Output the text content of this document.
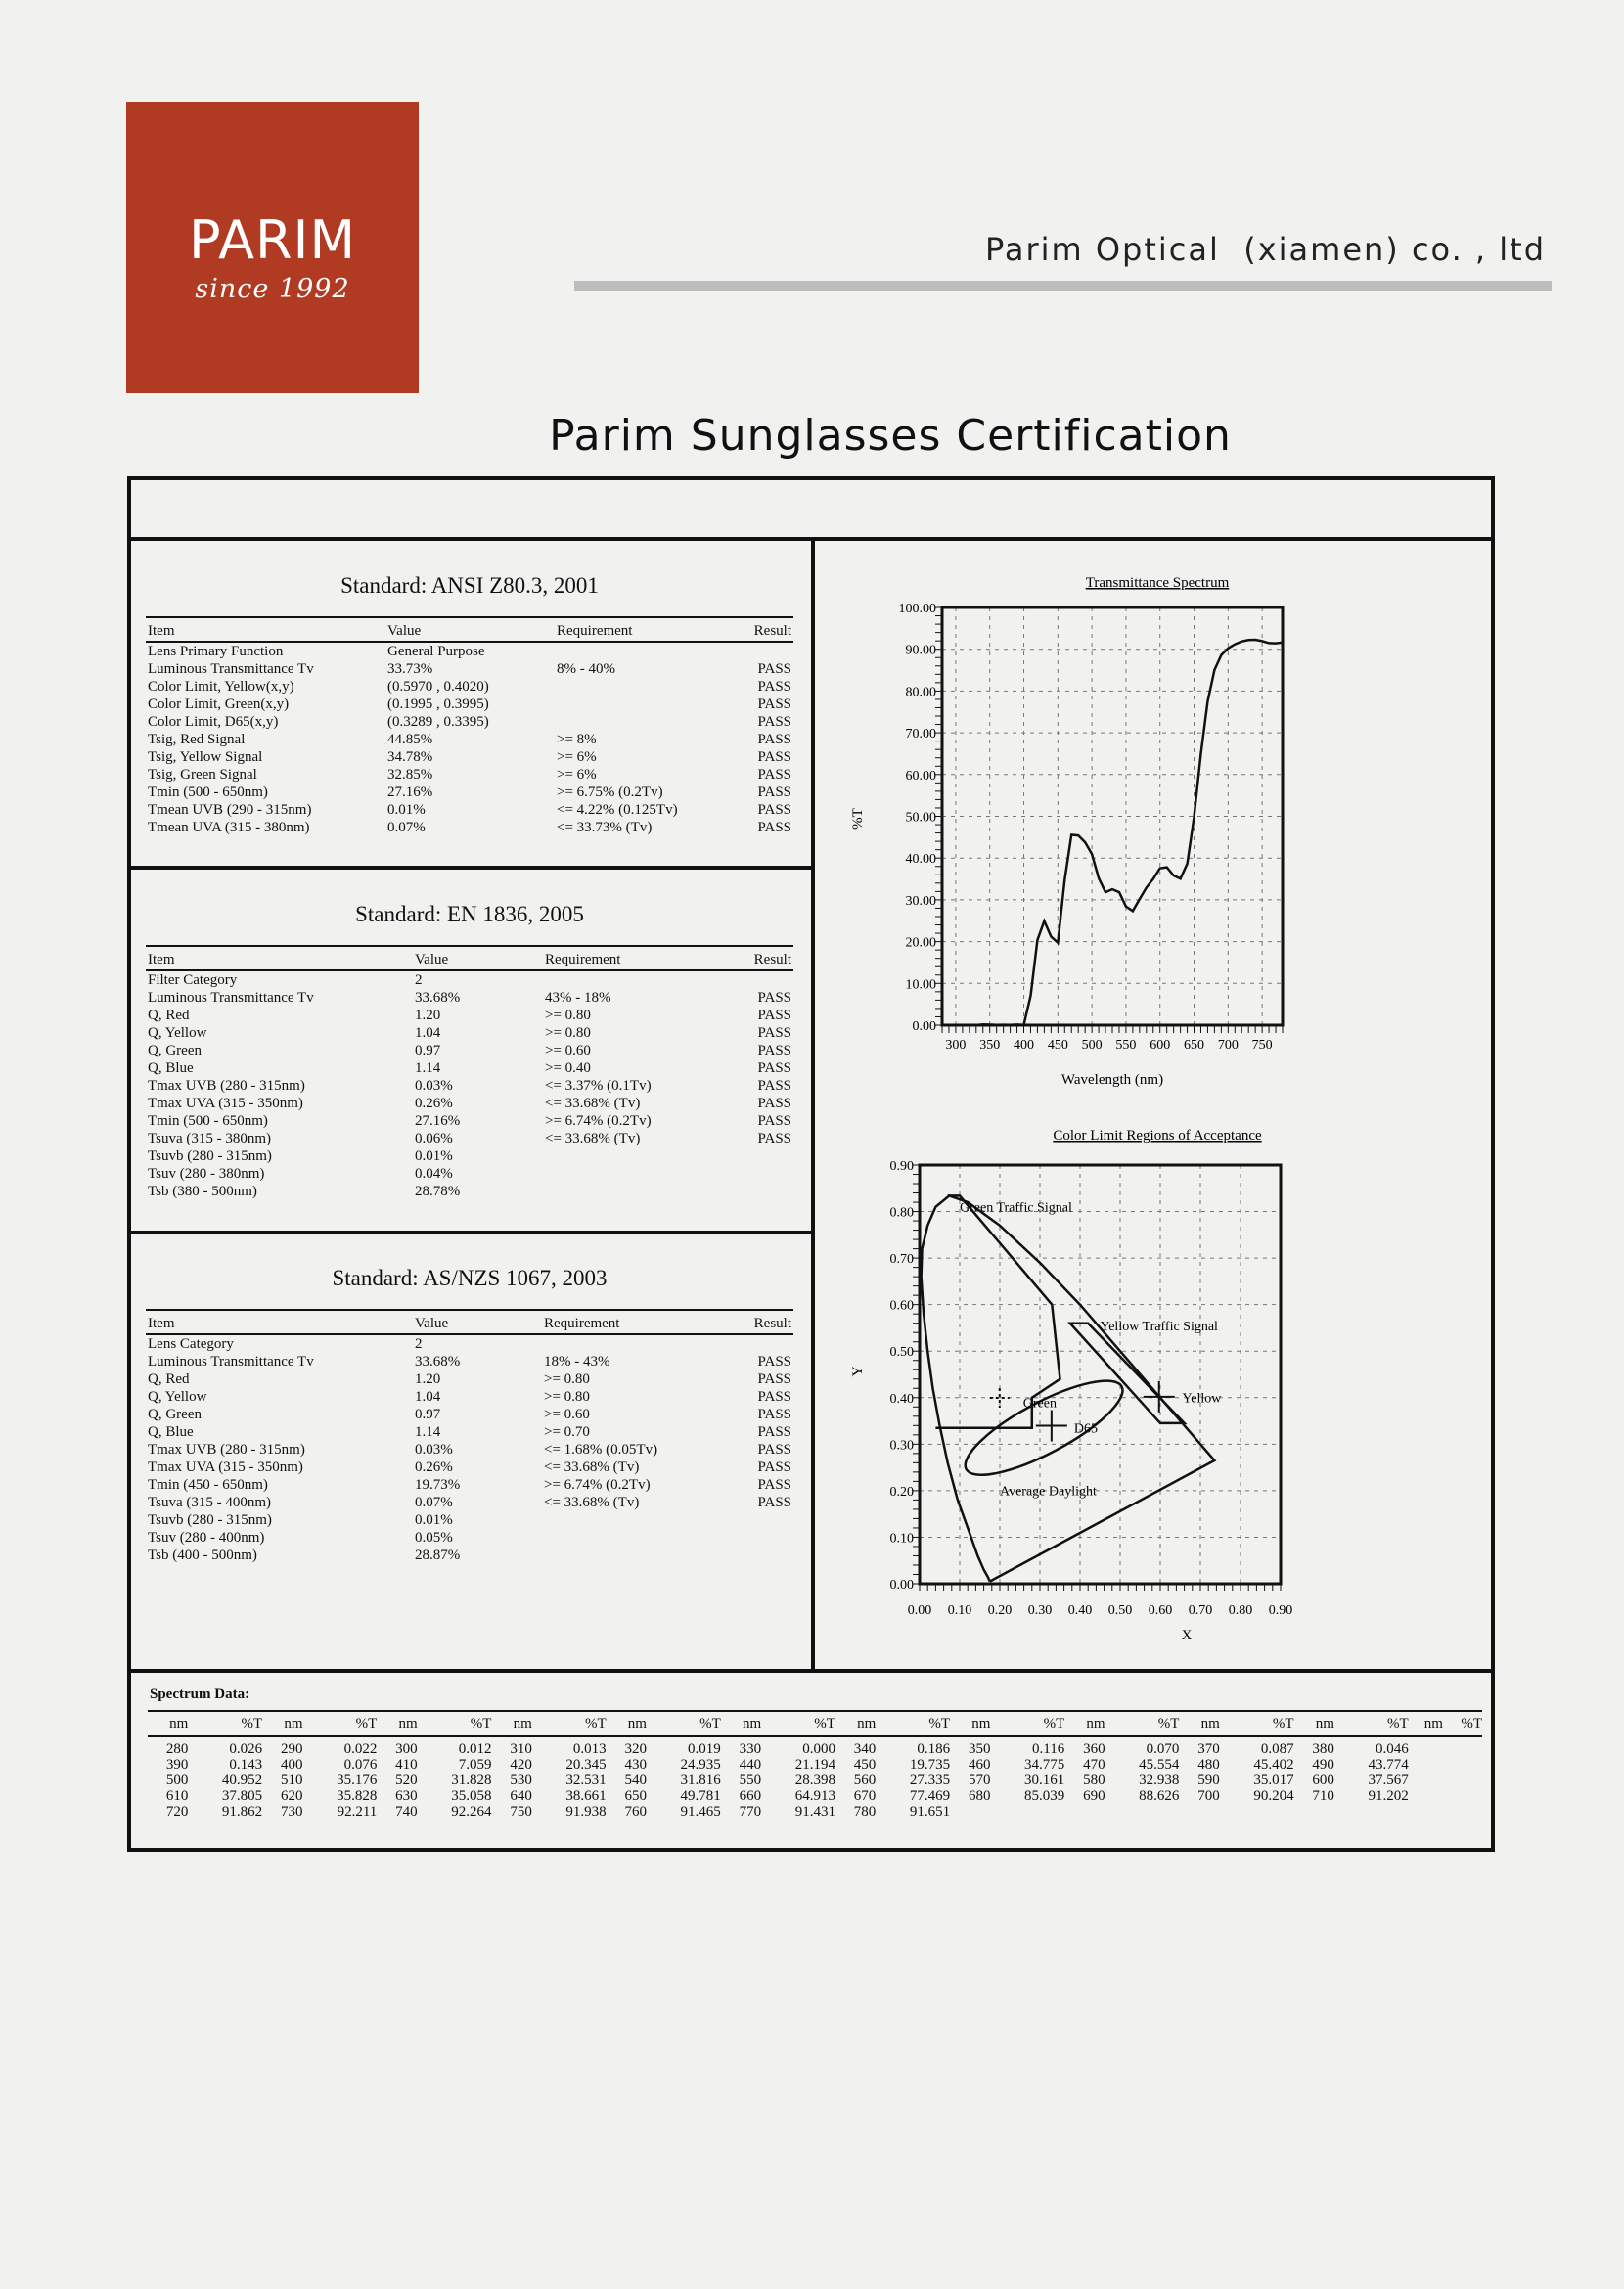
PARIM
since 1992
Parim Optical  (xiamen) co. , ltd
Parim Sunglasses Certification
Standard: ANSI Z80.3, 2001
Item	Value	Requirement	Result
Lens Primary Function	General Purpose		
Luminous Transmittance Tv	33.73%	8% - 40%	PASS
Color Limit, Yellow(x,y)	(0.5970 , 0.4020)		PASS
Color Limit, Green(x,y)	(0.1995 , 0.3995)		PASS
Color Limit, D65(x,y)	(0.3289 , 0.3395)		PASS
Tsig, Red Signal	44.85%	>= 8%	PASS
Tsig, Yellow Signal	34.78%	>= 6%	PASS
Tsig, Green Signal	32.85%	>= 6%	PASS
Tmin (500 - 650nm)	27.16%	>= 6.75% (0.2Tv)	PASS
Tmean UVB (290 - 315nm)	0.01%	<= 4.22% (0.125Tv)	PASS
Tmean UVA (315 - 380nm)	0.07%	<= 33.73% (Tv)	PASS
Standard: EN 1836, 2005
Item	Value	Requirement	Result
Filter Category	2		
Luminous Transmittance Tv	33.68%	43% - 18%	PASS
Q, Red	1.20	>= 0.80	PASS
Q, Yellow	1.04	>= 0.80	PASS
Q, Green	0.97	>= 0.60	PASS
Q, Blue	1.14	>= 0.40	PASS
Tmax UVB (280 - 315nm)	0.03%	<= 3.37% (0.1Tv)	PASS
Tmax UVA (315 - 350nm)	0.26%	<= 33.68% (Tv)	PASS
Tmin (500 - 650nm)	27.16%	>= 6.74% (0.2Tv)	PASS
Tsuva (315 - 380nm)	0.06%	<= 33.68% (Tv)	PASS
Tsuvb (280 - 315nm)	0.01%		
Tsuv (280 - 380nm)	0.04%		
Tsb (380 - 500nm)	28.78%		
Standard: AS/NZS 1067, 2003
Item	Value	Requirement	Result
Lens Category	2		
Luminous Transmittance Tv	33.68%	18% - 43%	PASS
Q, Red	1.20	>= 0.80	PASS
Q, Yellow	1.04	>= 0.80	PASS
Q, Green	0.97	>= 0.60	PASS
Q, Blue	1.14	>= 0.70	PASS
Tmax UVB (280 - 315nm)	0.03%	<= 1.68% (0.05Tv)	PASS
Tmax UVA (315 - 350nm)	0.26%	<= 33.68% (Tv)	PASS
Tmin (450 - 650nm)	19.73%	>= 6.74% (0.2Tv)	PASS
Tsuva (315 - 400nm)	0.07%	<= 33.68% (Tv)	PASS
Tsuvb (280 - 315nm)	0.01%		
Tsuv (280 - 400nm)	0.05%		
Tsb (400 - 500nm)	28.87%		
Transmittance Spectrum
300 350 400 450 500 550 600 650 700 750
0.00
10.00
20.00
30.00
40.00
50.00
60.00
70.00
80.00
90.00
100.00
Wavelength (nm)
%T
Color Limit Regions of Acceptance
0.00 0.10 0.20 0.30 0.40 0.50 0.60 0.70 0.80 0.90
0.00
0.10
0.20
0.30
0.40
0.50
0.60
0.70
0.80
0.90
Green Traffic Signal
Yellow Traffic Signal
Average Daylight
Green
D65
Yellow
X
Y
Spectrum Data:
nm	%T	nm	%T	nm	%T	nm	%T	nm	%T	nm	%T	nm	%T	nm	%T	nm	%T	nm	%T	nm	%T	nm	%T
280	0.026	290	0.022	300	0.012	310	0.013	320	0.019	330	0.000	340	0.186	350	0.116	360	0.070	370	0.087	380	0.046		
390	0.143	400	0.076	410	7.059	420	20.345	430	24.935	440	21.194	450	19.735	460	34.775	470	45.554	480	45.402	490	43.774		
500	40.952	510	35.176	520	31.828	530	32.531	540	31.816	550	28.398	560	27.335	570	30.161	580	32.938	590	35.017	600	37.567		
610	37.805	620	35.828	630	35.058	640	38.661	650	49.781	660	64.913	670	77.469	680	85.039	690	88.626	700	90.204	710	91.202		
720	91.862	730	92.211	740	92.264	750	91.938	760	91.465	770	91.431	780	91.651										
